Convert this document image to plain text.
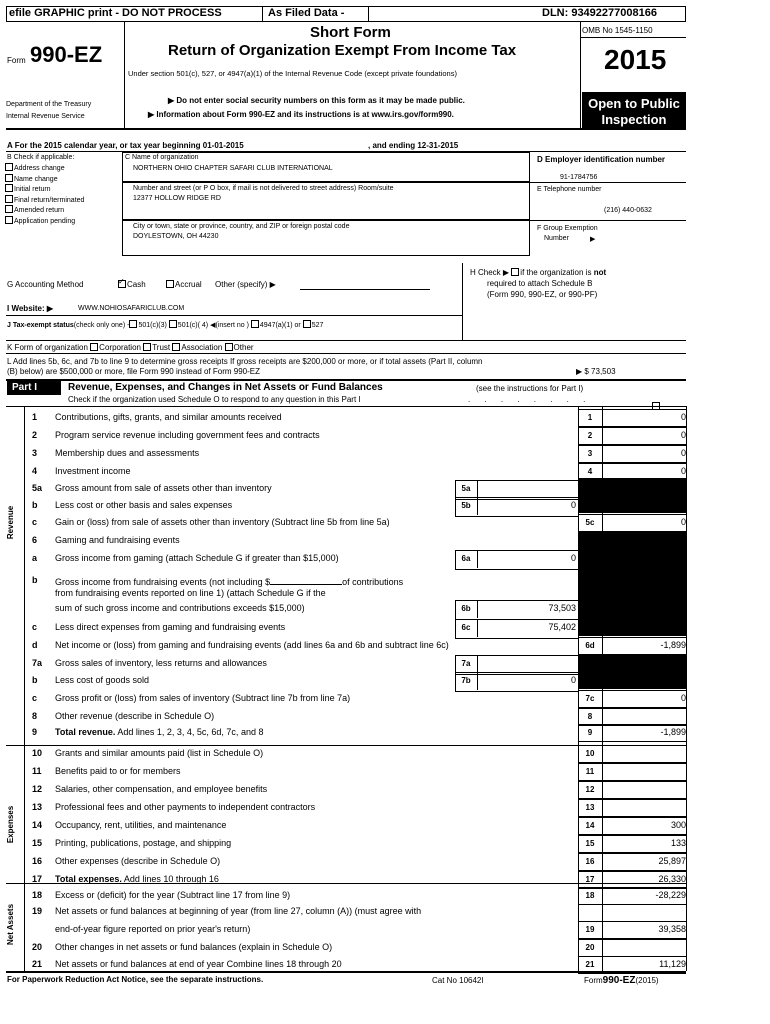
efile GRAPHIC print - DO NOT PROCESS	As Filed Data -	DLN: 93492277008166
Form 990-EZ
Short Form
Return of Organization Exempt From Income Tax
Under section 501(c), 527, or 4947(a)(1) of the Internal Revenue Code (except private foundations)
Department of the Treasury
Internal Revenue Service
▶ Do not enter social security numbers on this form as it may be made public.
▶ Information about Form 990-EZ and its instructions is at www.irs.gov/form990.
OMB No 1545-1150
2015
Open to Public
Inspection
A For the 2015 calendar year, or tax year beginning 01-01-2015	, and ending 12-31-2015
B Check if applicable:
Address change
Name change
Initial return
Final return/terminated
Amended return
Application pending
C Name of organization
NORTHERN OHIO CHAPTER SAFARI CLUB INTERNATIONAL
Number and street (or P O box, if mail is not delivered to street address) Room/suite
12377 HOLLOW RIDGE RD
City or town, state or province, country, and ZIP or foreign postal code
DOYLESTOWN, OH 44230
D Employer identification number
91-1784756
E Telephone number
(216) 440-0632
F Group Exemption
Number	▶
G Accounting Method	✓ Cash	Accrual Other (specify) ▶
H Check ▶ if the organization is not
required to attach Schedule B
(Form 990, 990-EZ, or 990-PF)
I Website: ▶	WWW.NOHIOSAFARICLUB.COM
J Tax-exempt status(check only one) - 501(c)(3) 501(c)( 4) ◀(insert no ) 4947(a)(1) or 527
K Form of organization Corporation Trust Association Other
L Add lines 5b, 6c, and 7b to line 9 to determine gross receipts If gross receipts are $200,000 or more, or if total assets (Part II, column
(B) below) are $500,000 or more, file Form 990 instead of Form 990-EZ	▶ $ 73,503
Part I	Revenue, Expenses, and Changes in Net Assets or Fund Balances	(see the instructions for Part I)
Check if the organization used Schedule O to respond to any question in this Part I	. . . . . . . .
Revenue
Expenses
Net Assets
1 Contributions, gifts, grants, and similar amounts received	1	0
2 Program service revenue including government fees and contracts	2	0
3 Membership dues and assessments	3	0
4 Investment income	4	0
5a Gross amount from sale of assets other than inventory	5a
b Less cost or other basis and sales expenses	5b	0
c Gain or (loss) from sale of assets other than inventory (Subtract line 5b from line 5a)	5c	0
6 Gaming and fundraising events
a Gross income from gaming (attach Schedule G if greater than $15,000)	6a	0
b Gross income from fundraising events (not including $	of contributions
from fundraising events reported on line 1) (attach Schedule G if the
sum of such gross income and contributions exceeds $15,000)	6b	73,503
c Less direct expenses from gaming and fundraising events	6c	75,402
d Net income or (loss) from gaming and fundraising events (add lines 6a and 6b and subtract line 6c)	6d	-1,899
7a Gross sales of inventory, less returns and allowances	7a
b Less cost of goods sold	7b	0
c Gross profit or (loss) from sales of inventory (Subtract line 7b from line 7a)	7c	0
8 Other revenue (describe in Schedule O)	8
9 Total revenue. Add lines 1, 2, 3, 4, 5c, 6d, 7c, and 8	9	-1,899
10 Grants and similar amounts paid (list in Schedule O)	10
11 Benefits paid to or for members	11
12 Salaries, other compensation, and employee benefits	12
13 Professional fees and other payments to independent contractors	13
14 Occupancy, rent, utilities, and maintenance	14	300
15 Printing, publications, postage, and shipping	15	133
16 Other expenses (describe in Schedule O)	16	25,897
17 Total expenses. Add lines 10 through 16	17	26,330
18 Excess or (deficit) for the year (Subtract line 17 from line 9)	18	-28,229
19 Net assets or fund balances at beginning of year (from line 27, column (A)) (must agree with
end-of-year figure reported on prior year's return)	19	39,358
20 Other changes in net assets or fund balances (explain in Schedule O)	20
21 Net assets or fund balances at end of year Combine lines 18 through 20	21	11,129
For Paperwork Reduction Act Notice, see the separate instructions.	Cat No 10642I	Form990-EZ(2015)
